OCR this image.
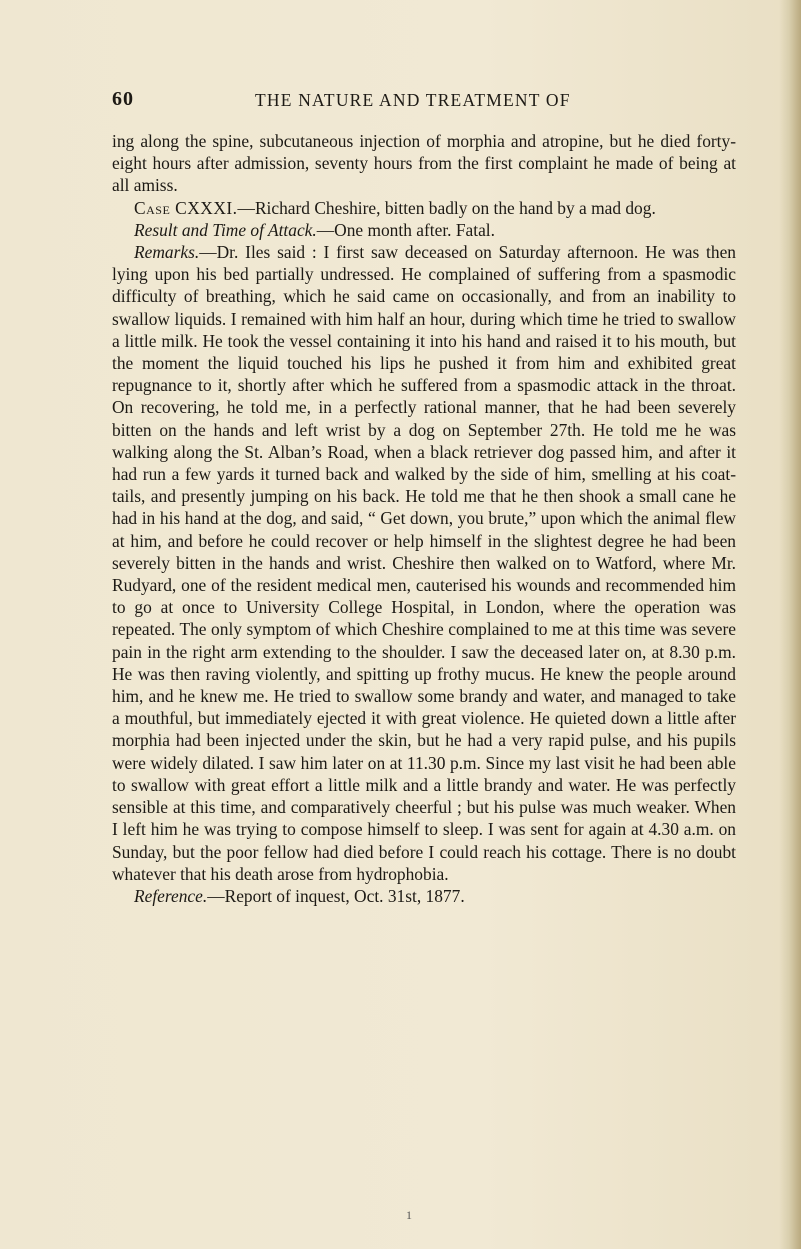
60	THE NATURE AND TREATMENT OF

ing along the spine, subcutaneous injection of morphia and atropine, but he died forty-eight hours after admission, seventy hours from the first complaint he made of being at all amiss.

Case CXXXI.—Richard Cheshire, bitten badly on the hand by a mad dog.

Result and Time of Attack.—One month after. Fatal.

Remarks.—Dr. Iles said : I first saw deceased on Saturday afternoon. He was then lying upon his bed partially undressed. He complained of suffering from a spasmodic difficulty of breathing, which he said came on occasionally, and from an inability to swallow liquids. I remained with him half an hour, during which time he tried to swallow a little milk. He took the vessel containing it into his hand and raised it to his mouth, but the moment the liquid touched his lips he pushed it from him and exhibited great repugnance to it, shortly after which he suffered from a spasmodic attack in the throat. On recovering, he told me, in a perfectly rational manner, that he had been severely bitten on the hands and left wrist by a dog on September 27th. He told me he was walking along the St. Alban’s Road, when a black retriever dog passed him, and after it had run a few yards it turned back and walked by the side of him, smelling at his coat-tails, and presently jumping on his back. He told me that he then shook a small cane he had in his hand at the dog, and said, “ Get down, you brute,” upon which the animal flew at him, and before he could recover or help himself in the slightest degree he had been severely bitten in the hands and wrist. Cheshire then walked on to Watford, where Mr. Rudyard, one of the resident medical men, cauterised his wounds and recommended him to go at once to University College Hospital, in London, where the operation was repeated. The only symptom of which Cheshire complained to me at this time was severe pain in the right arm extending to the shoulder. I saw the deceased later on, at 8.30 p.m. He was then raving violently, and spitting up frothy mucus. He knew the people around him, and he knew me. He tried to swallow some brandy and water, and managed to take a mouthful, but immediately ejected it with great violence. He quieted down a little after morphia had been injected under the skin, but he had a very rapid pulse, and his pupils were widely dilated. I saw him later on at 11.30 p.m. Since my last visit he had been able to swallow with great effort a little milk and a little brandy and water. He was perfectly sensible at this time, and comparatively cheerful ; but his pulse was much weaker. When I left him he was trying to compose himself to sleep. I was sent for again at 4.30 a.m. on Sunday, but the poor fellow had died before I could reach his cottage. There is no doubt whatever that his death arose from hydrophobia.

Reference.—Report of inquest, Oct. 31st, 1877.

1
